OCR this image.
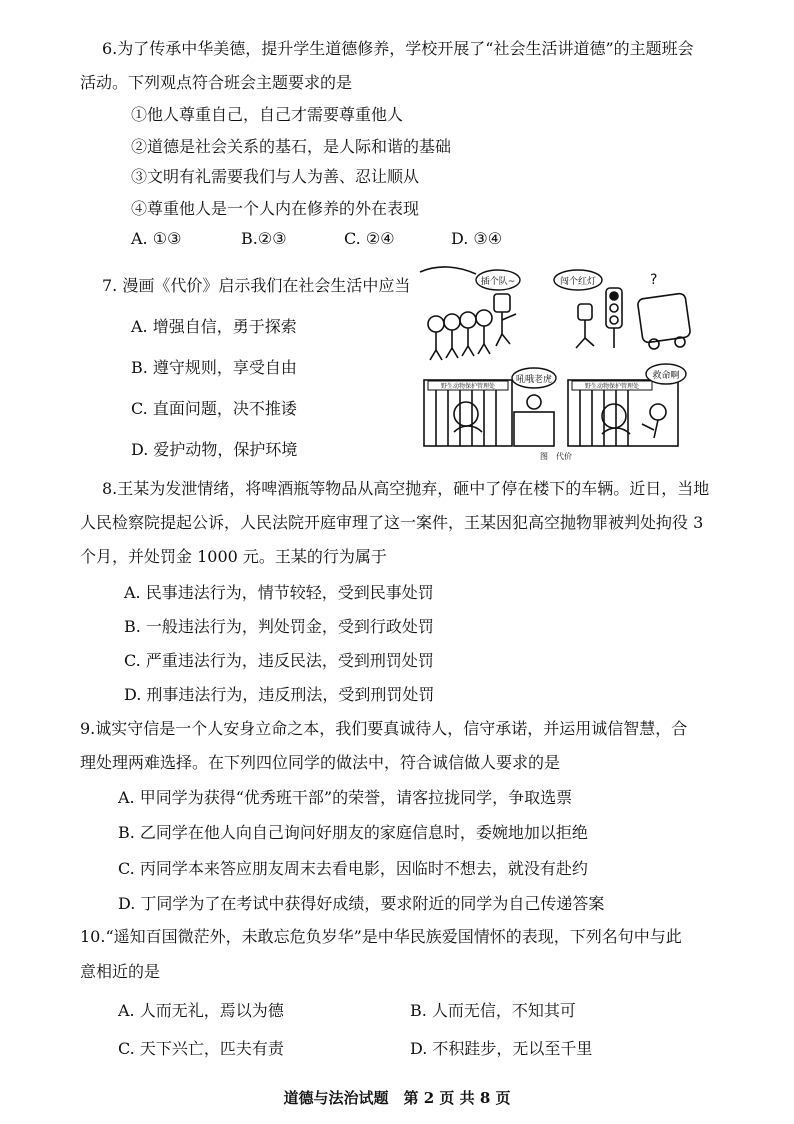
6.为了传承中华美德，提升学生道德修养，学校开展了“社会生活讲道德”的主题班会
活动。下列观点符合班会主题要求的是
①他人尊重自己，自己才需要尊重他人
②道德是社会关系的基石，是人际和谐的基础
③文明有礼需要我们与人为善、忍让顺从
④尊重他人是一个人内在修养的外在表现
A. ①③	B.②③	C. ②④	D. ③④
7. 漫画《代价》启示我们在社会生活中应当
A. 增强自信，勇于探索
B. 遵守规则，享受自由
C. 直面问题，决不推诿
D. 爱护动物，保护环境
插个队~	?
闯个红灯
野生动物保护管理处
吼哦老虎
野生动物保护管理处
救命啊
图　代价
8.王某为发泄情绪，将啤酒瓶等物品从高空抛弃，砸中了停在楼下的车辆。近日，当地
人民检察院提起公诉，人民法院开庭审理了这一案件，王某因犯高空抛物罪被判处拘役 3
个月，并处罚金 1000 元。王某的行为属于
A. 民事违法行为，情节较轻，受到民事处罚
B. 一般违法行为，判处罚金，受到行政处罚
C. 严重违法行为，违反民法，受到刑罚处罚
D. 刑事违法行为，违反刑法，受到刑罚处罚
9.诚实守信是一个人安身立命之本，我们要真诚待人，信守承诺，并运用诚信智慧，合
理处理两难选择。在下列四位同学的做法中，符合诚信做人要求的是
A. 甲同学为获得“优秀班干部”的荣誉，请客拉拢同学，争取选票
B. 乙同学在他人向自己询问好朋友的家庭信息时，委婉地加以拒绝
C. 丙同学本来答应朋友周末去看电影，因临时不想去，就没有赴约
D. 丁同学为了在考试中获得好成绩，要求附近的同学为自己传递答案
10.“遥知百国微茫外，未敢忘危负岁华”是中华民族爱国情怀的表现，下列名句中与此
意相近的是
A. 人而无礼，焉以为德	B. 人而无信，不知其可
C. 天下兴亡，匹夫有责	D. 不积跬步，无以至千里
道德与法治试题　第 2 页 共 8 页
